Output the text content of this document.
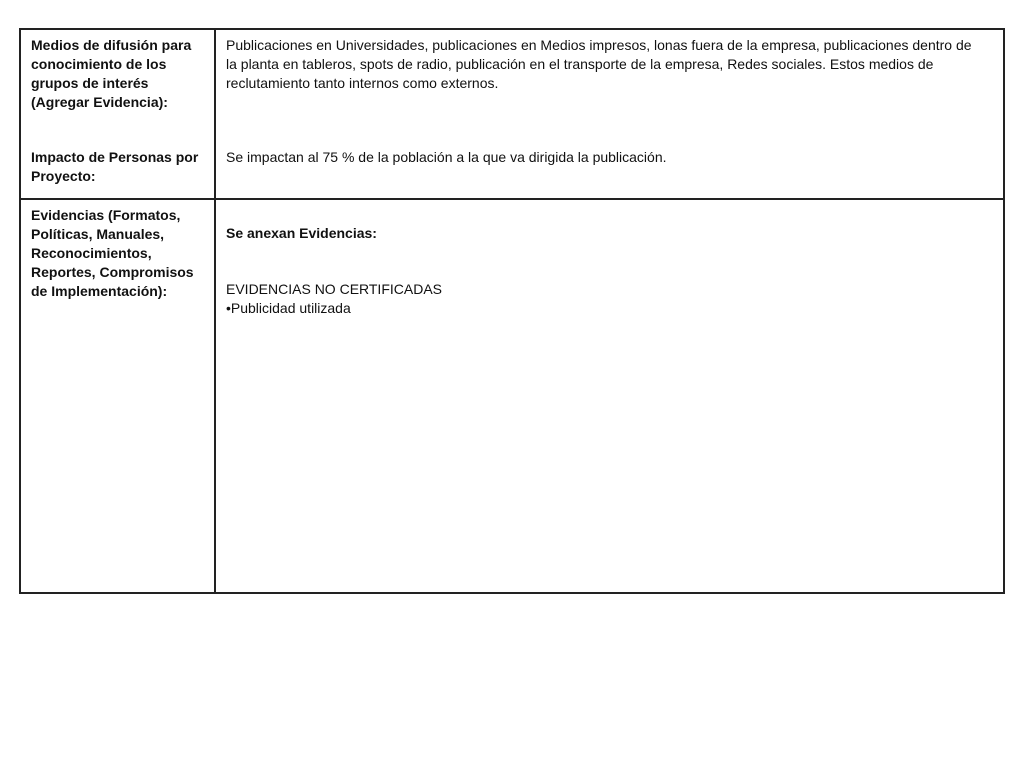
Medios de difusión para conocimiento de los grupos de interés (Agregar Evidencia):

Impacto de Personas por Proyecto:

Publicaciones en Universidades, publicaciones en Medios impresos, lonas fuera de la empresa, publicaciones dentro de la planta en tableros, spots de radio, publicación en el transporte de la empresa, Redes sociales. Estos medios de reclutamiento tanto internos como externos.

Se impactan al 75 % de la población a la que va dirigida la publicación.

Evidencias (Formatos, Políticas, Manuales, Reconocimientos, Reportes, Compromisos de Implementación):

Se anexan Evidencias:

EVIDENCIAS NO CERTIFICADAS

•Publicidad utilizada
